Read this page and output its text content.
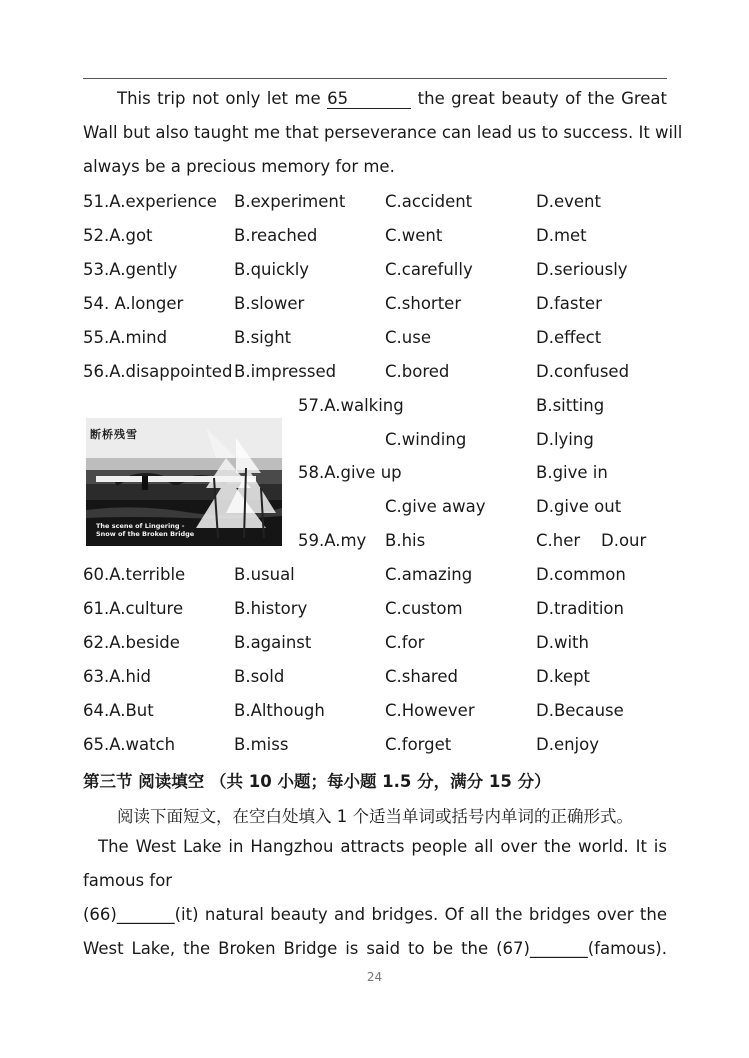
This trip not only let me 65	the great beauty of the Great
Wall but also taught me that perseverance can lead us to success. It will
always be a precious memory for me.
51.A.experience B.experiment C.accident	D.event
52.A.got	B.reached	C.went	D.met
53.A.gently	B.quickly	C.carefully	D.seriously
54. A.longer	B.slower	C.shorter	D.faster
55.A.mind	B.sight	C.use	D.effect
56.A.disappointed B.impressed	C.bored	D.confused
断桥残雪
The scene of Lingering -
Snow of the Broken Bridge
57.A.walking	B.sitting
C.winding	D.lying
58.A.give up	B.give in
C.give away	D.give out
59.A.my B.his	C.her D.our
60.A.terrible	B.usual	C.amazing	D.common
61.A.culture	B.history	C.custom	D.tradition
62.A.beside	B.against	C.for	D.with
63.A.hid	B.sold	C.shared	D.kept
64.A.But	B.Although	C.However	D.Because
65.A.watch	B.miss	C.forget	D.enjoy
第三节 阅读填空 （共 10 小题；每小题 1.5 分，满分 15 分）
阅读下面短文，在空白处填入 1 个适当单词或括号内单词的正确形式。
The West Lake in Hangzhou attracts people all over the world. It is
famous for
(66)_______(it) natural beauty and bridges. Of all the bridges over the
West Lake, the Broken Bridge is said to be the (67)_______(famous).
24
